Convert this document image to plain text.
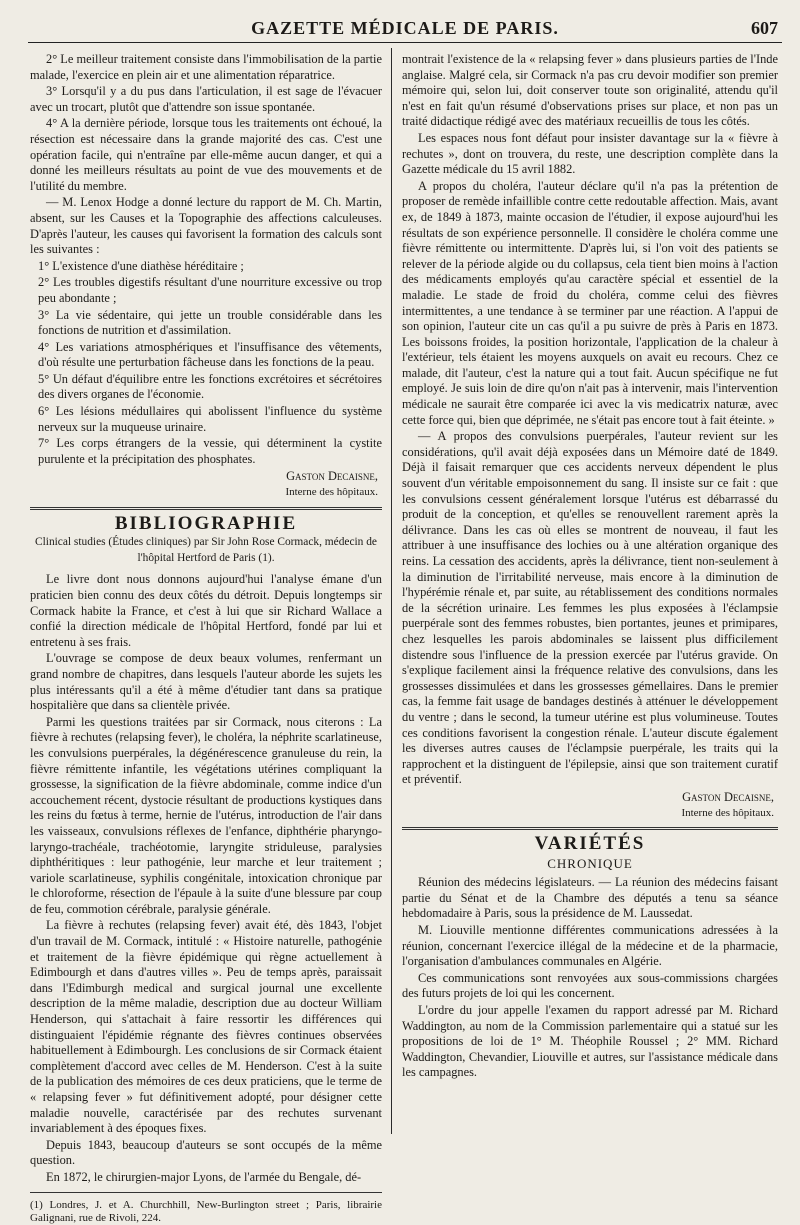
GAZETTE MÉDICALE DE PARIS.	607

2° Le meilleur traitement consiste dans l'immobilisation de la partie malade, l'exercice en plein air et une alimentation réparatrice.

3° Lorsqu'il y a du pus dans l'articulation, il est sage de l'évacuer avec un trocart, plutôt que d'attendre son issue spontanée.

4° A la dernière période, lorsque tous les traitements ont échoué, la résection est nécessaire dans la grande majorité des cas. C'est une opération facile, qui n'entraîne par elle-même aucun danger, et qui a donné les meilleurs résultats au point de vue des mouvements et de l'utilité du membre.

— M. Lenox Hodge a donné lecture du rapport de M. Ch. Martin, absent, sur les Causes et la Topographie des affections calculeuses. D'après l'auteur, les causes qui favorisent la formation des calculs sont les suivantes :

1° L'existence d'une diathèse héréditaire ;

2° Les troubles digestifs résultant d'une nourriture excessive ou trop peu abondante ;

3° La vie sédentaire, qui jette un trouble considérable dans les fonctions de nutrition et d'assimilation.

4° Les variations atmosphériques et l'insuffisance des vêtements, d'où résulte une perturbation fâcheuse dans les fonctions de la peau.

5° Un défaut d'équilibre entre les fonctions excrétoires et sécrétoires des divers organes de l'économie.

6° Les lésions médullaires qui abolissent l'influence du système nerveux sur la muqueuse urinaire.

7° Les corps étrangers de la vessie, qui déterminent la cystite purulente et la précipitation des phosphates.

Gaston Decaisne,

Interne des hôpitaux.

BIBLIOGRAPHIE

Clinical studies (Études cliniques) par Sir John Rose Cormack, médecin de l'hôpital Hertford de Paris (1).

Le livre dont nous donnons aujourd'hui l'analyse émane d'un praticien bien connu des deux côtés du détroit. Depuis longtemps sir Cormack habite la France, et c'est à lui que sir Richard Wallace a confié la direction médicale de l'hôpital Hertford, fondé par lui et entretenu à ses frais.

L'ouvrage se compose de deux beaux volumes, renfermant un grand nombre de chapitres, dans lesquels l'auteur aborde les sujets les plus intéressants qu'il a été à même d'étudier tant dans sa pratique hospitalière que dans sa clientèle privée.

Parmi les questions traitées par sir Cormack, nous citerons : La fièvre à rechutes (relapsing fever), le choléra, la néphrite scarlatineuse, les convulsions puerpérales, la dégénérescence granuleuse du rein, la fièvre rémittente infantile, les végétations utérines compliquant la grossesse, la signification de la fièvre abdominale, comme indice d'un accouchement récent, dystocie résultant de productions kystiques dans les reins du fœtus à terme, hernie de l'utérus, introduction de l'air dans les vaisseaux, convulsions réflexes de l'enfance, diphthérie pharyngo-laryngo-trachéale, trachéotomie, laryngite striduleuse, paralysies diphthéritiques : leur pathogénie, leur marche et leur traitement ; variole scarlatineuse, syphilis congénitale, intoxication chronique par le chloroforme, résection de l'épaule à la suite d'une blessure par coup de feu, commotion cérébrale, paralysie générale.

La fièvre à rechutes (relapsing fever) avait été, dès 1843, l'objet d'un travail de M. Cormack, intitulé : « Histoire naturelle, pathogénie et traitement de la fièvre épidémique qui règne actuellement à Edimbourgh et dans d'autres villes ». Peu de temps après, paraissait dans l'Edimburgh medical and surgical journal une excellente description de la même maladie, description due au docteur William Henderson, qui s'attachait à faire ressortir les différences qui distinguaient l'épidémie régnante des fièvres continues observées habituellement à Edimbourgh. Les conclusions de sir Cormack étaient complètement d'accord avec celles de M. Henderson. C'est à la suite de la publication des mémoires de ces deux praticiens, que le terme de « relapsing fever » fut définitivement adopté, pour désigner cette maladie nouvelle, caractérisée par des rechutes survenant invariablement à des époques fixes.

Depuis 1843, beaucoup d'auteurs se sont occupés de la même question.

En 1872, le chirurgien-major Lyons, de l'armée du Bengale, dé-

(1) Londres, J. et A. Churchhill, New-Burlington street ; Paris, librairie Galignani, rue de Rivoli, 224.

montrait l'existence de la « relapsing fever » dans plusieurs parties de l'Inde anglaise. Malgré cela, sir Cormack n'a pas cru devoir modifier son premier mémoire qui, selon lui, doit conserver toute son originalité, attendu qu'il n'est en fait qu'un résumé d'observations prises sur place, et non pas un traité didactique rédigé avec des matériaux recueillis de tous les côtés.

Les espaces nous font défaut pour insister davantage sur la « fièvre à rechutes », dont on trouvera, du reste, une description complète dans la Gazette médicale du 15 avril 1882.

A propos du choléra, l'auteur déclare qu'il n'a pas la prétention de proposer de remède infaillible contre cette redoutable affection. Mais, avant ex, de 1849 à 1873, mainte occasion de l'étudier, il expose aujourd'hui les résultats de son expérience personnelle. Il considère le choléra comme une fièvre rémittente ou intermittente. D'après lui, si l'on voit des patients se relever de la période algide ou du collapsus, cela tient bien moins à l'action des médicaments employés qu'au caractère spécial et essentiel de la maladie. Le stade de froid du choléra, comme celui des fièvres intermittentes, a une tendance à se terminer par une réaction. A l'appui de son opinion, l'auteur cite un cas qu'il a pu suivre de près à Paris en 1873. Les boissons froides, la position horizontale, l'application de la chaleur à l'extérieur, tels étaient les moyens auxquels on avait eu recours. Chez ce malade, dit l'auteur, c'est la nature qui a tout fait. Aucun spécifique ne fut employé. Je suis loin de dire qu'on n'ait pas à intervenir, mais l'intervention médicale ne saurait être comparée ici avec la vis medicatrix naturæ, avec cette force qui, bien que déprimée, ne s'était pas encore tout à fait éteinte. »

— A propos des convulsions puerpérales, l'auteur revient sur les considérations, qu'il avait déjà exposées dans un Mémoire daté de 1849. Déjà il faisait remarquer que ces accidents nerveux dépendent le plus souvent d'un véritable empoisonnement du sang. Il insiste sur ce fait : que les convulsions cessent généralement lorsque l'utérus est débarrassé du produit de la conception, et qu'elles se renouvellent rarement après la délivrance. Dans les cas où elles se montrent de nouveau, il faut les attribuer à une insuffisance des lochies ou à une altération organique des reins. La cessation des accidents, après la délivrance, tient non-seulement à la diminution de l'irritabilité nerveuse, mais encore à la diminution de l'hypérémie rénale et, par suite, au rétablissement des conditions normales de la sécrétion urinaire. Les femmes les plus exposées à l'éclampsie puerpérale sont des femmes robustes, bien portantes, jeunes et primipares, chez lesquelles les parois abdominales se laissent plus difficilement distendre sous l'influence de la pression exercée par l'utérus gravide. On s'explique facilement ainsi la fréquence relative des convulsions, dans les grossesses dissimulées et dans les grossesses gémellaires. Dans le premier cas, la femme fait usage de bandages destinés à atténuer le développement du ventre ; dans le second, la tumeur utérine est plus volumineuse. Toutes ces conditions favorisent la congestion rénale. L'auteur discute également les diverses autres causes de l'éclampsie puerpérale, les traits qui la rapprochent et la distinguent de l'épilepsie, ainsi que son traitement curatif et préventif.

Gaston Decaisne,

Interne des hôpitaux.

VARIÉTÉS

CHRONIQUE

Réunion des médecins législateurs. — La réunion des médecins faisant partie du Sénat et de la Chambre des députés a tenu sa séance hebdomadaire à Paris, sous la présidence de M. Laussedat.

M. Liouville mentionne différentes communications adressées à la réunion, concernant l'exercice illégal de la médecine et de la pharmacie, l'organisation d'ambulances communales en Algérie.

Ces communications sont renvoyées aux sous-commissions chargées des futurs projets de loi qui les concernent.

L'ordre du jour appelle l'examen du rapport adressé par M. Richard Waddington, au nom de la Commission parlementaire qui a statué sur les propositions de loi de 1° M. Théophile Roussel ; 2° MM. Richard Waddington, Chevandier, Liouville et autres, sur l'assistance médicale dans les campagnes.
